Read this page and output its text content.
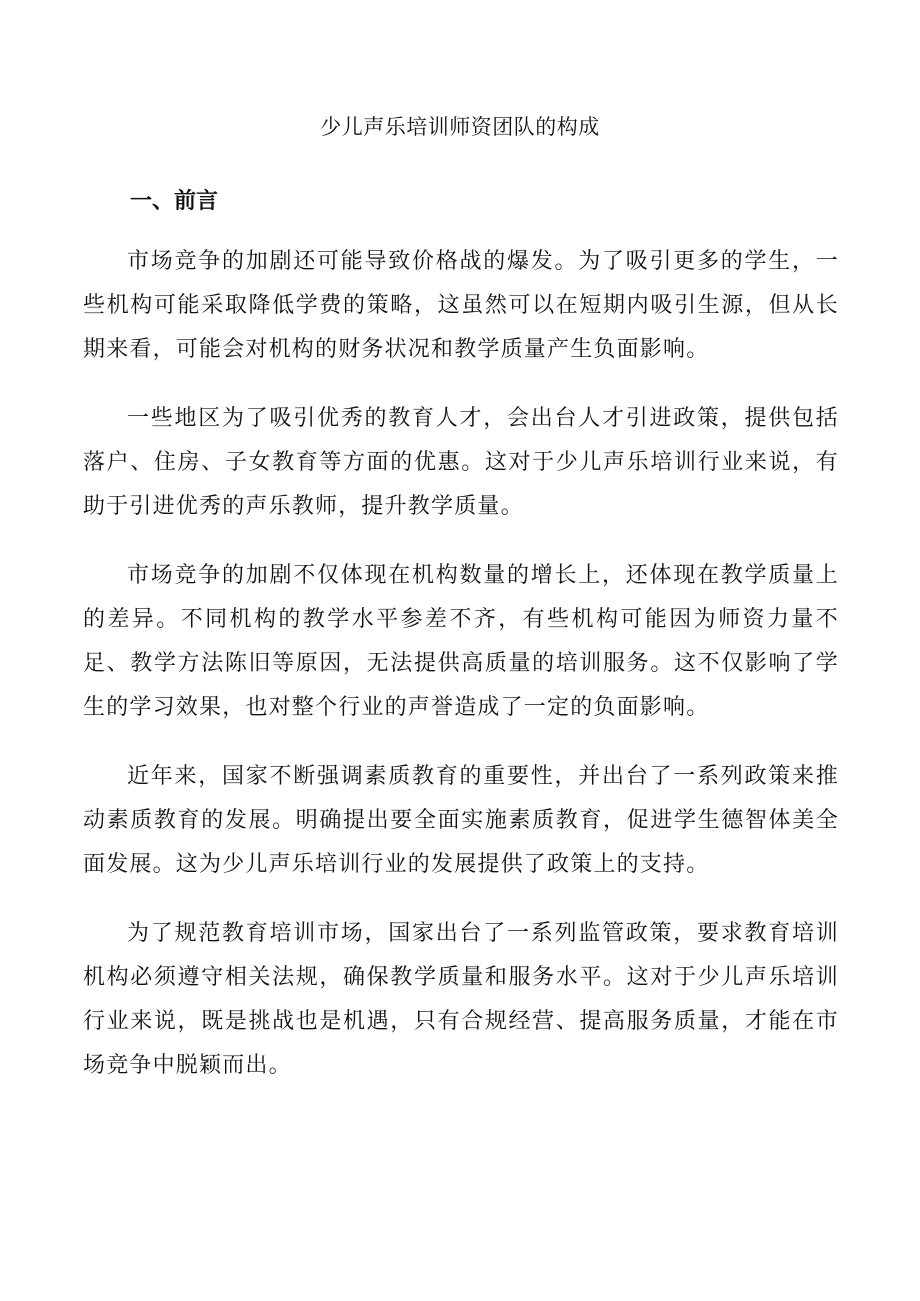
少儿声乐培训师资团队的构成
一、前言

市场竞争的加剧还可能导致价格战的爆发。为了吸引更多的学生，一些机构可能采取降低学费的策略，这虽然可以在短期内吸引生源，但从长期来看，可能会对机构的财务状况和教学质量产生负面影响。

一些地区为了吸引优秀的教育人才，会出台人才引进政策，提供包括落户、住房、子女教育等方面的优惠。这对于少儿声乐培训行业来说，有助于引进优秀的声乐教师，提升教学质量。

市场竞争的加剧不仅体现在机构数量的增长上，还体现在教学质量上的差异。不同机构的教学水平参差不齐，有些机构可能因为师资力量不足、教学方法陈旧等原因，无法提供高质量的培训服务。这不仅影响了学生的学习效果，也对整个行业的声誉造成了一定的负面影响。

近年来，国家不断强调素质教育的重要性，并出台了一系列政策来推动素质教育的发展。明确提出要全面实施素质教育，促进学生德智体美全面发展。这为少儿声乐培训行业的发展提供了政策上的支持。

为了规范教育培训市场，国家出台了一系列监管政策，要求教育培训机构必须遵守相关法规，确保教学质量和服务水平。这对于少儿声乐培训行业来说，既是挑战也是机遇，只有合规经营、提高服务质量，才能在市场竞争中脱颖而出。
